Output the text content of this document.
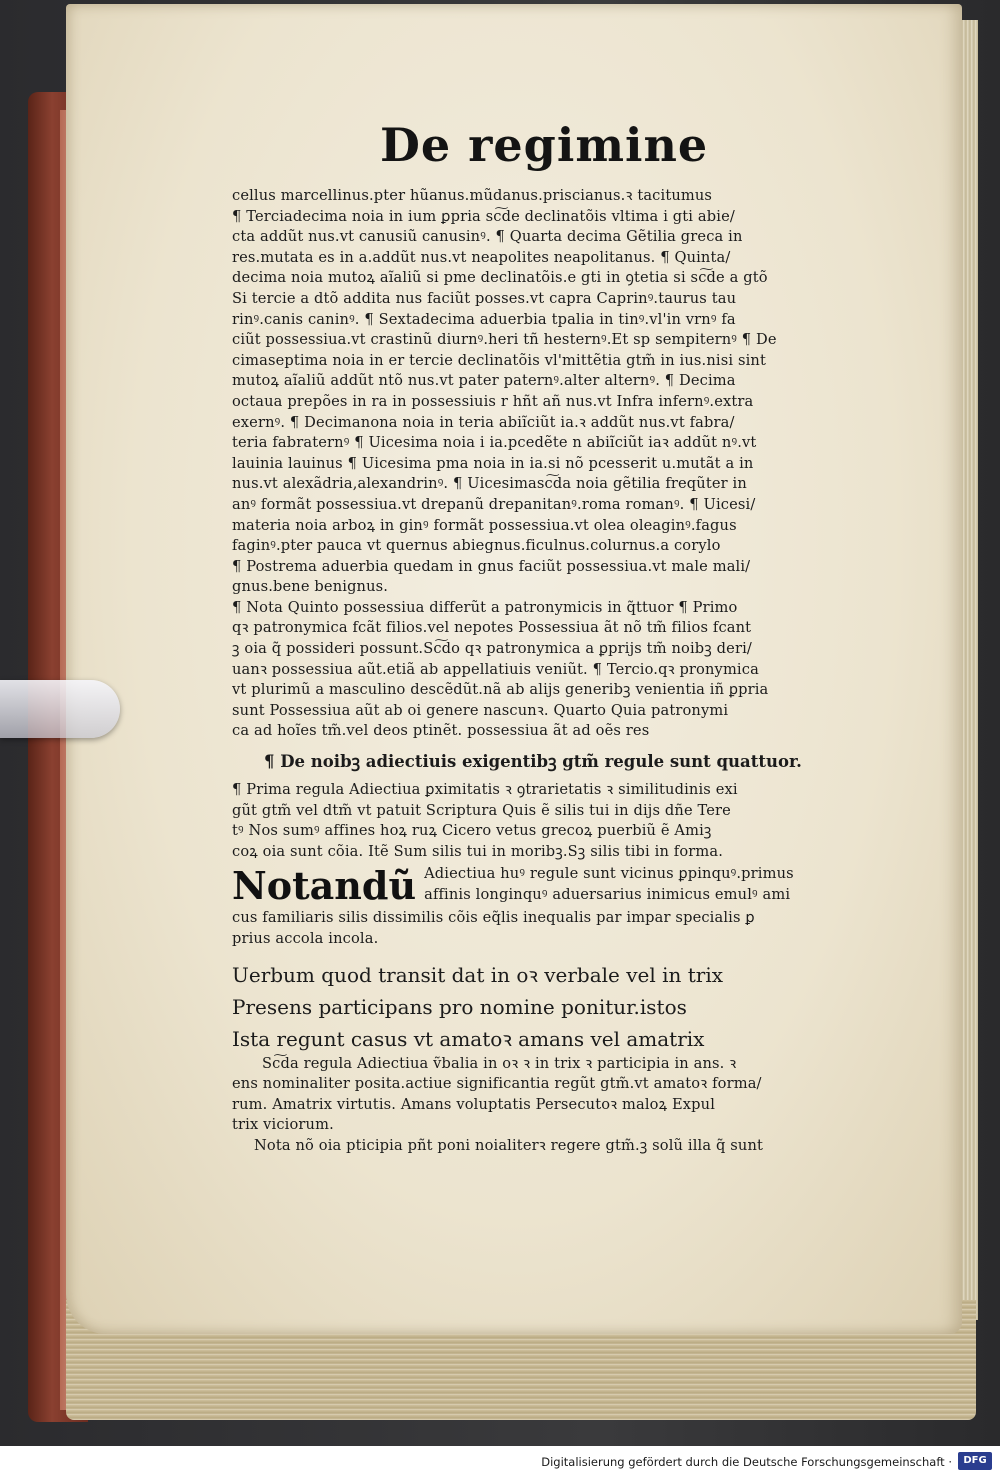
De regimine
cellus marcellinus.pter hũanus.mũdanus.priscianus.ꝛ tacitumus
¶ Terciadecima noia in ium ꝑpria sc͠de declinatõis vltima i gti abie/
cta addũt nus.vt canusiũ canusinꝰ. ¶ Quarta decima Gẽtilia greca in
res.mutata es in a.addũt nus.vt neapolites neapolitanus. ¶ Quinta/
decima noia mutoꝝ aĩaliũ si pme declinatõis.e gti in ꝯtetia si sc͠de a gtõ
Si tercie a dtõ addita nus faciũt posses.vt capra Caprinꝰ.taurus tau
rinꝰ.canis caninꝰ. ¶ Sextadecima aduerbia tpalia in tinꝰ.vl'in vrnꝰ fa
ciũt possessiua.vt crastinũ diurnꝰ.heri tñ hesternꝰ.Et sp sempiternꝰ ¶ De
cimaseptima noia in er tercie declinatõis vl'mittẽtia gtm̃ in ius.nisi sint
mutoꝝ aĩaliũ addũt ntõ nus.vt pater paternꝰ.alter alternꝰ. ¶ Decima
octaua prepões in ra in possessiuis r hñt añ nus.vt Infra infernꝰ.extra
exernꝰ. ¶ Decimanona noia in teria abiĩciũt ia.ꝛ addũt nus.vt fabra/
teria fabraternꝰ ¶ Uicesima noia i ia.pcedẽte n abiĩciũt iaꝛ addũt nꝰ.vt
lauinia lauinus ¶ Uicesima pma noia in ia.si nõ pcesserit u.mutãt a in
nus.vt alexãdria,alexandrinꝰ. ¶ Uicesimasc͠da noia gẽtilia freqũter in
anꝰ formãt possessiua.vt drepanũ drepanitanꝰ.roma romanꝰ. ¶ Uicesi/
materia noia arboꝝ in ginꝰ formãt possessiua.vt olea oleaginꝰ.fagus
faginꝰ.pter pauca vt quernus abiegnus.ficulnus.colurnus.a corylo
¶ Postrema aduerbia quedam in gnus faciũt possessiua.vt male mali/
gnus.bene benignus.
¶ Nota Quinto possessiua differũt a patronymicis in q̃ttuor ¶ Primo
qꝛ patronymica fcãt filios.vel nepotes Possessiua ãt nõ tm̃ filios fcant
ꝫ oia q̃ possideri possunt.Sc͠do qꝛ patronymica a ꝑprijs tm̃ noibꝫ deri/
uanꝛ possessiua aũt.etiã ab appellatiuis veniũt. ¶ Tercio.qꝛ pronymica
vt plurimũ a masculino descẽdũt.nã ab alijs generibꝫ venientia iñ ꝑpria
sunt Possessiua aũt ab oi genere nascunꝛ. Quarto Quia patronymi
ca ad hoĩes tm̃.vel deos ptinẽt. possessiua ãt ad oẽs res
¶ De noibꝫ adiectiuis exigentibꝫ gtm̃ regule sunt quattuor.
¶ Prima regula Adiectiua ꝑximitatis ꝛ ꝯtrarietatis ꝛ similitudinis exi
gũt gtm̃ vel dtm̃ vt patuit Scriptura Quis ẽ silis tui in dijs dñe Tere
tꝰ Nos sumꝰ affines hoꝝ ruꝝ Cicero vetus grecoꝝ puerbiũ ẽ Amiꝫ
coꝝ oia sunt cõia. Itẽ Sum silis tui in moribꝫ.Sꝫ silis tibi in forma.
Notandũ Adiectiua huꝰ regule sunt vicinus ꝑpinquꝰ.primus
affinis longinquꝰ aduersarius inimicus emulꝰ ami
cus familiaris silis dissimilis cõis eq̃lis inequalis par impar specialis ꝑ
prius accola incola.
Uerbum quod transit dat in oꝛ verbale vel in trix
Presens participans pro nomine ponitur.istos
Ista regunt casus vt amatoꝛ amans vel amatrix
Sc͠da regula Adiectiua ṽbalia in oꝛ ꝛ in trix ꝛ participia in ans. ꝛ
ens nominaliter posita.actiue significantia regũt gtm̃.vt amatoꝛ forma/
rum. Amatrix virtutis. Amans voluptatis Persecutoꝛ maloꝝ Expul
trix viciorum.
Nota nõ oia pticipia pñt poni noialiterꝛ regere gtm̃.ꝫ solũ illa q̃ sunt
Digitalisierung gefördert durch die Deutsche Forschungsgemeinschaft ·	DFG
